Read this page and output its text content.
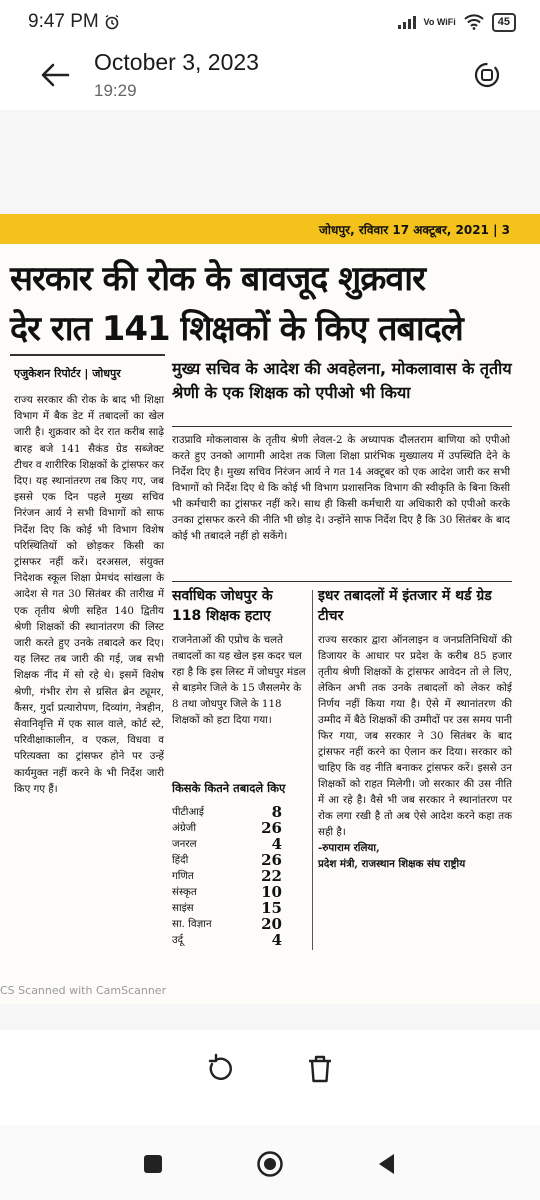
9:47 PM	Vo WiFi	45
October 3, 2023
19:29
जोधपुर, रविवार 17 अक्टूबर, 2021 | 3
सरकार की रोक के बावजूद शुक्रवार
देर रात 141 शिक्षकों के किए तबादले
एजुकेशन रिपोर्टर | जोधपुर
राज्य सरकार की रोक के बाद भी शिक्षा विभाग में बैक डेट में तबादलों का खेल जारी है। शुक्रवार को देर रात करीब साढ़े बारह बजे 141 सैकंड ग्रेड सब्जेक्ट टीचर व शारीरिक शिक्षकों के ट्रांसफर कर दिए। यह स्थानांतरण तब किए गए, जब इससे एक दिन पहले मुख्य सचिव निरंजन आर्य ने सभी विभागों को साफ निर्देश दिए कि कोई भी विभाग विशेष परिस्थितियों को छोड़कर किसी का ट्रांसफर नहीं करें। दरअसल, संयुक्त निदेशक स्कूल शिक्षा प्रेमचंद सांखला के आदेश से गत 30 सितंबर की तारीख में एक तृतीय श्रेणी सहित 140 द्वितीय श्रेणी शिक्षकों की स्थानांतरण की लिस्ट जारी करते हुए उनके तबादले कर दिए। यह लिस्ट तब जारी की गई, जब सभी शिक्षक नींद में सो रहे थे। इसमें विशेष श्रेणी, गंभीर रोग से ग्रसित ब्रेन ट्यूमर, कैंसर, गुर्दा प्रत्यारोपण, दिव्यांग, नेत्रहीन, सेवानिवृत्ति में एक साल वाले, कोर्ट स्टे, परिवीक्षाकालीन, व एकल, विधवा व परित्यक्ता का ट्रांसफर होने पर उन्हें कार्यमुक्त नहीं करने के भी निर्देश जारी किए गए हैं।
मुख्य सचिव के आदेश की अवहेलना, मोकलावास के तृतीय श्रेणी के एक शिक्षक को एपीओ भी किया
राउप्रावि मोकलावास के तृतीय श्रेणी लेवल-2 के अध्यापक दौलतराम बाणिया को एपीओ करते हुए उनको आगामी आदेश तक जिला शिक्षा प्रारंभिक मुख्यालय में उपस्थिति देने के निर्देश दिए है। मुख्य सचिव निरंजन आर्य ने गत 14 अक्टूबर को एक आदेश जारी कर सभी विभागों को निर्देश दिए थे कि कोई भी विभाग प्रशासनिक विभाग की स्वीकृति के बिना किसी भी कर्मचारी का ट्रांसफर नहीं करे। साथ ही किसी कर्मचारी या अधिकारी को एपीओ करके उनका ट्रांसफर करने की नीति भी छोड़ दे। उन्होंने साफ निर्देश दिए है कि 30 सितंबर के बाद कोई भी तबादले नहीं हो सकेंगे।
सर्वाधिक जोधपुर के 118 शिक्षक हटाए
इधर तबादलों में इंतजार में थर्ड ग्रेड टीचर
राजनेताओं की एप्रोच के चलते तबादलों का यह खेल इस कदर चल रहा है कि इस लिस्ट में जोधपुर मंडल से बाड़मेर जिले के 15 जैसलमेर के 8 तथा जोधपुर जिले के 118 शिक्षकों को हटा दिया गया।
किसके कितने तबादले किए
पीटीआई	8
अंग्रेजी	26
जनरल	4
हिंदी	26
गणित	22
संस्कृत	10
साइंस	15
सा. विज्ञान	20
उर्दू	4
राज्य सरकार द्वारा ऑनलाइन व जनप्रतिनिधियों की डिजायर के आधार पर प्रदेश के करीब 85 हजार तृतीय श्रेणी शिक्षकों के ट्रांसफर आवेदन तो ले लिए, लेकिन अभी तक उनके तबादलों को लेकर कोई निर्णय नहीं किया गया है। ऐसे में स्थानांतरण की उम्मीद में बैठे शिक्षकों की उम्मीदों पर उस समय पानी फिर गया, जब सरकार ने 30 सितंबर के बाद ट्रांसफर नहीं करने का ऐलान कर दिया। सरकार को चाहिए कि वह नीति बनाकर ट्रांसफर करें। इससे उन शिक्षकों को राहत मिलेगी। जो सरकार की उस नीति में आ रहे है। वैसे भी जब सरकार ने स्थानांतरण पर रोक लगा रखी है तो अब ऐसे आदेश करने कहा तक सही है।
-रुपाराम रलिया,
प्रदेश मंत्री, राजस्थान शिक्षक संघ राष्ट्रीय
CS Scanned with CamScanner
